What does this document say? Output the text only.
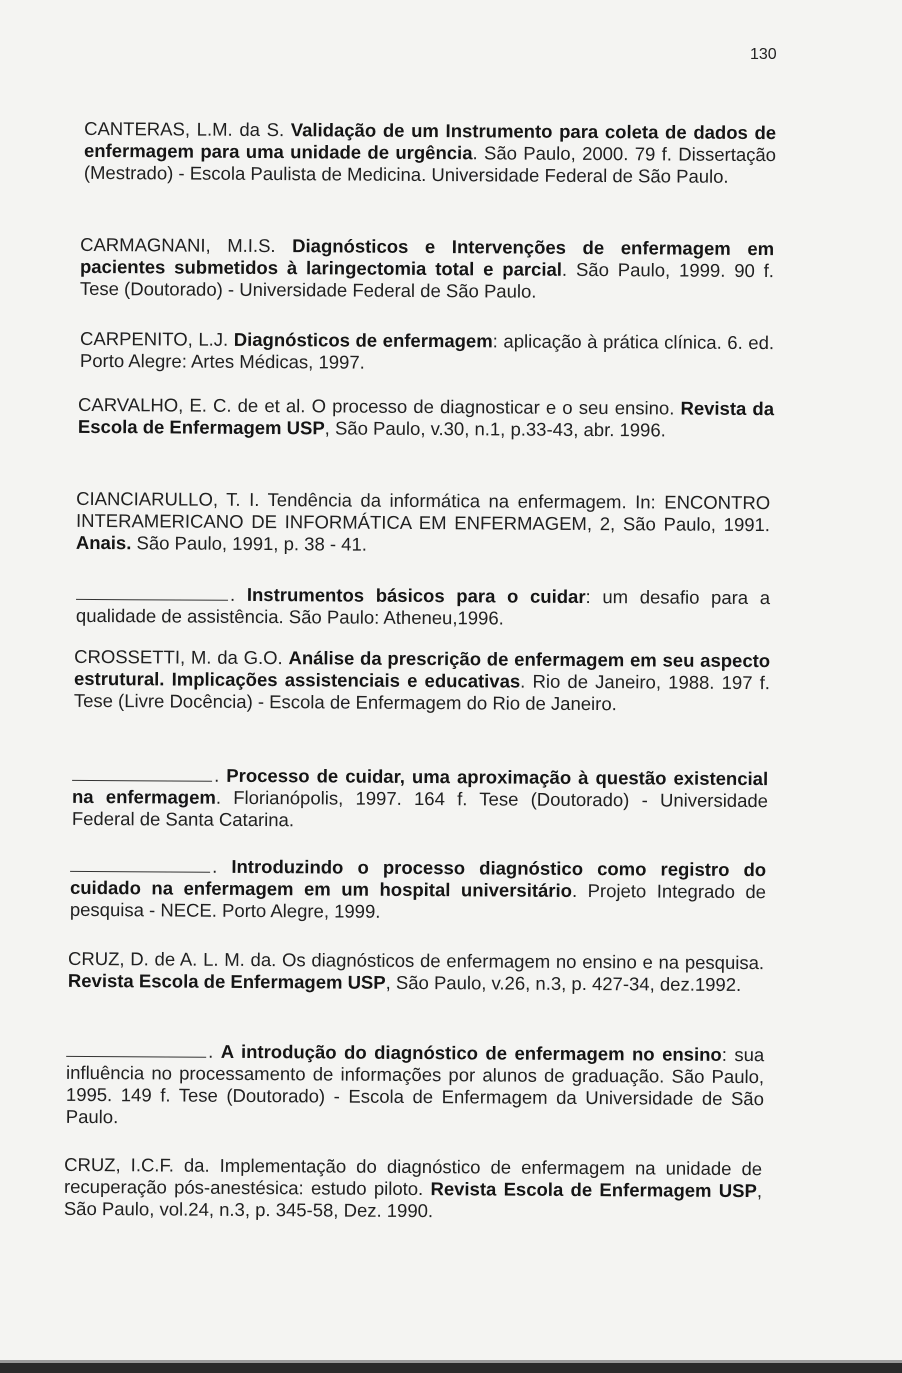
130
CANTERAS, L.M. da S. Validação de um Instrumento para coleta de dados de enfermagem para uma unidade de urgência. São Paulo, 2000. 79 f. Dissertação (Mestrado) - Escola Paulista de Medicina. Universidade Federal de São Paulo.
CARMAGNANI, M.I.S. Diagnósticos e Intervenções de enfermagem em pacientes submetidos à laringectomia total e parcial. São Paulo, 1999. 90 f. Tese (Doutorado) - Universidade Federal de São Paulo.
CARPENITO, L.J. Diagnósticos de enfermagem: aplicação à prática clínica. 6. ed. Porto Alegre: Artes Médicas, 1997.
CARVALHO, E. C. de et al. O processo de diagnosticar e o seu ensino. Revista da Escola de Enfermagem USP, São Paulo, v.30, n.1, p.33-43, abr. 1996.
CIANCIARULLO, T. I. Tendência da informática na enfermagem. In: ENCONTRO INTERAMERICANO DE INFORMÁTICA EM ENFERMAGEM, 2, São Paulo, 1991. Anais. São Paulo, 1991, p. 38 - 41.
. Instrumentos básicos para o cuidar: um desafio para a qualidade de assistência. São Paulo: Atheneu,1996.
CROSSETTI, M. da G.O. Análise da prescrição de enfermagem em seu aspecto estrutural. Implicações assistenciais e educativas. Rio de Janeiro, 1988. 197 f. Tese (Livre Docência) - Escola de Enfermagem do Rio de Janeiro.
. Processo de cuidar, uma aproximação à questão existencial na enfermagem. Florianópolis, 1997. 164 f. Tese (Doutorado) - Universidade Federal de Santa Catarina.
. Introduzindo o processo diagnóstico como registro do cuidado na enfermagem em um hospital universitário. Projeto Integrado de pesquisa - NECE. Porto Alegre, 1999.
CRUZ, D. de A. L. M. da. Os diagnósticos de enfermagem no ensino e na pesquisa. Revista Escola de Enfermagem USP, São Paulo, v.26, n.3, p. 427-34, dez.1992.
. A introdução do diagnóstico de enfermagem no ensino: sua influência no processamento de informações por alunos de graduação. São Paulo, 1995. 149 f. Tese (Doutorado) - Escola de Enfermagem da Universidade de São Paulo.
CRUZ, I.C.F. da. Implementação do diagnóstico de enfermagem na unidade de recuperação pós-anestésica: estudo piloto. Revista Escola de Enfermagem USP, São Paulo, vol.24, n.3, p. 345-58, Dez. 1990.
